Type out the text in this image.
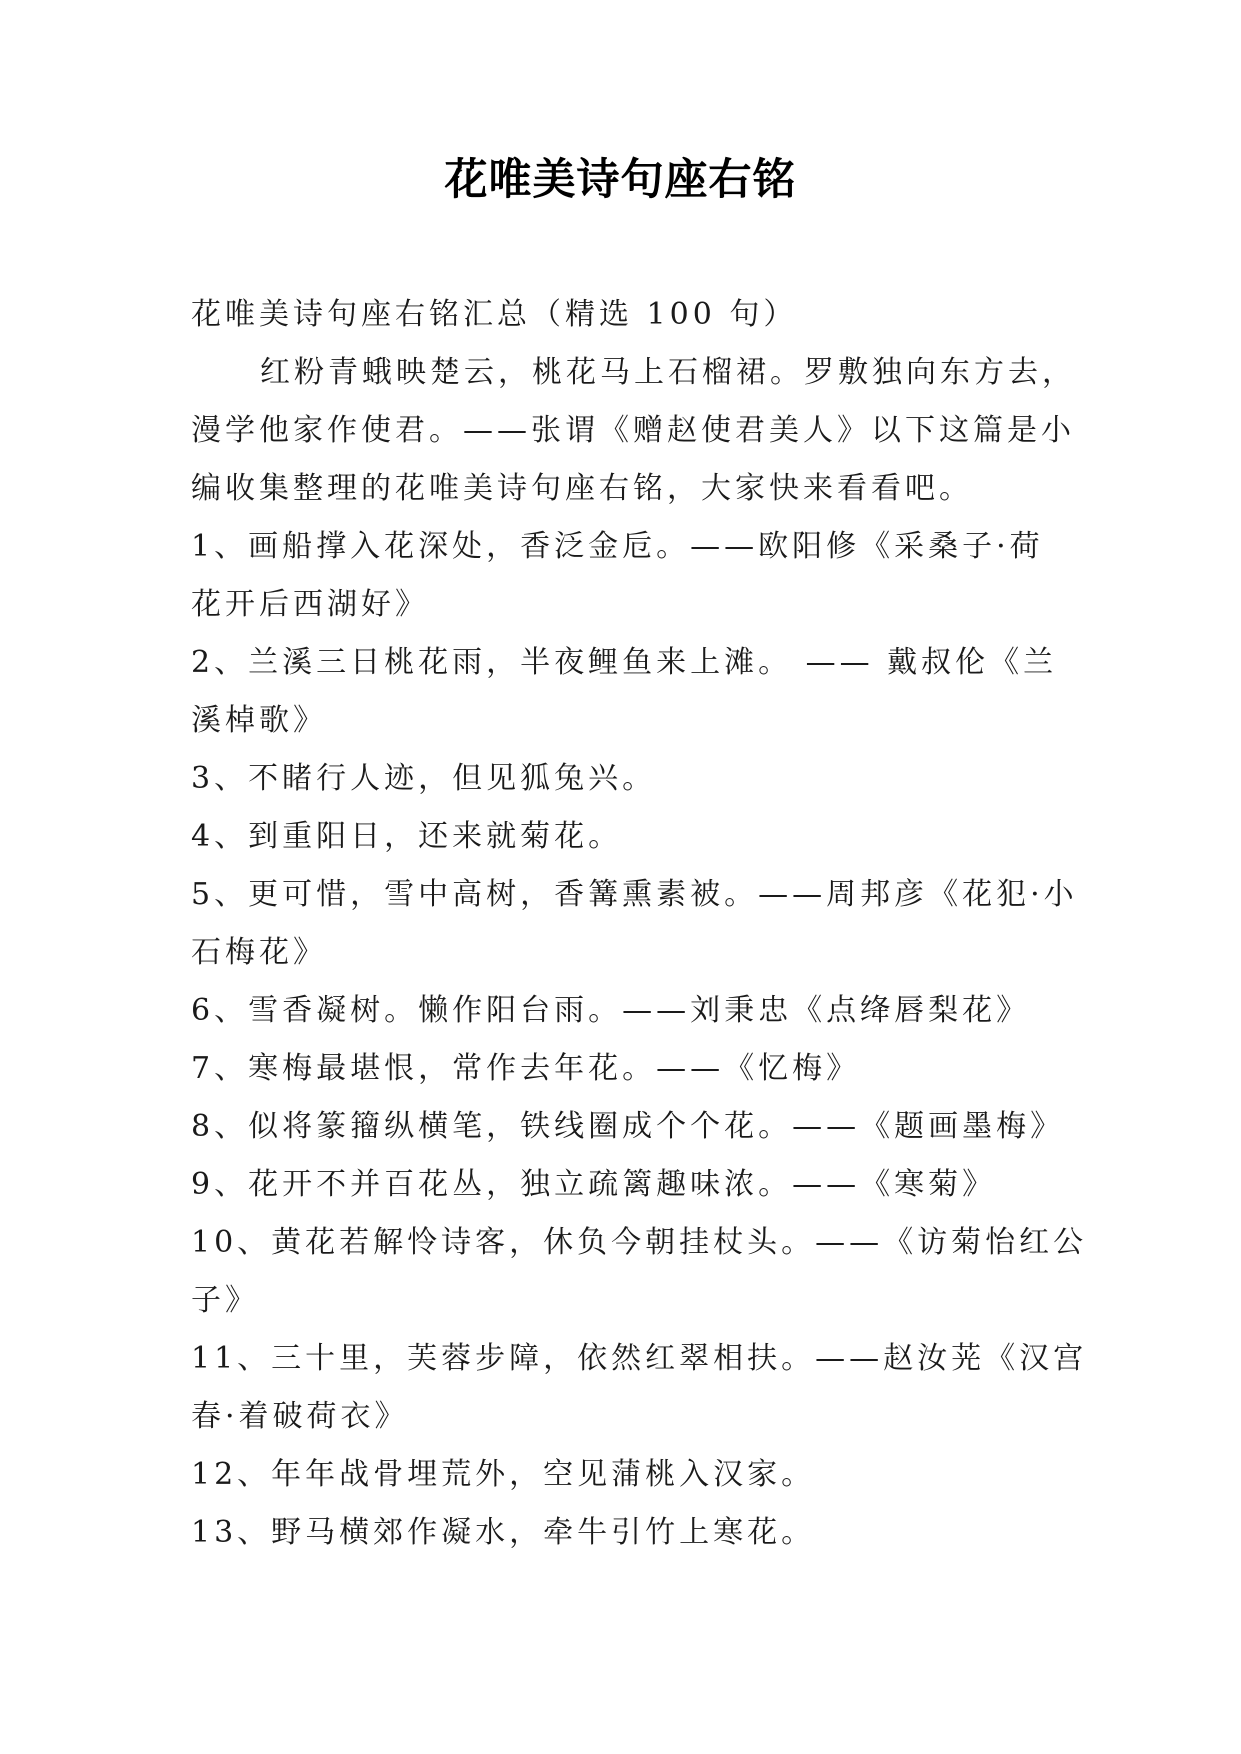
花唯美诗句座右铭

花唯美诗句座右铭汇总（精选 100 句）

红粉青蛾映楚云，桃花马上石榴裙。罗敷独向东方去，

漫学他家作使君。——张谓《赠赵使君美人》以下这篇是小

编收集整理的花唯美诗句座右铭，大家快来看看吧。

1、画船撑入花深处，香泛金卮。——欧阳修《采桑子·荷

花开后西湖好》

2、兰溪三日桃花雨，半夜鲤鱼来上滩。 —— 戴叔伦《兰

溪棹歌》

3、不睹行人迹，但见狐兔兴。

4、到重阳日，还来就菊花。

5、更可惜，雪中高树，香篝熏素被。——周邦彦《花犯·小

石梅花》

6、雪香凝树。懒作阳台雨。——刘秉忠《点绛唇梨花》

7、寒梅最堪恨，常作去年花。——《忆梅》

8、似将篆籀纵横笔，铁线圈成个个花。——《题画墨梅》

9、花开不并百花丛，独立疏篱趣味浓。——《寒菊》

10、黄花若解怜诗客，休负今朝挂杖头。——《访菊怡红公

子》

11、三十里，芙蓉步障，依然红翠相扶。——赵汝茪《汉宫

春·着破荷衣》

12、年年战骨埋荒外，空见蒲桃入汉家。

13、野马横郊作凝水，牵牛引竹上寒花。
